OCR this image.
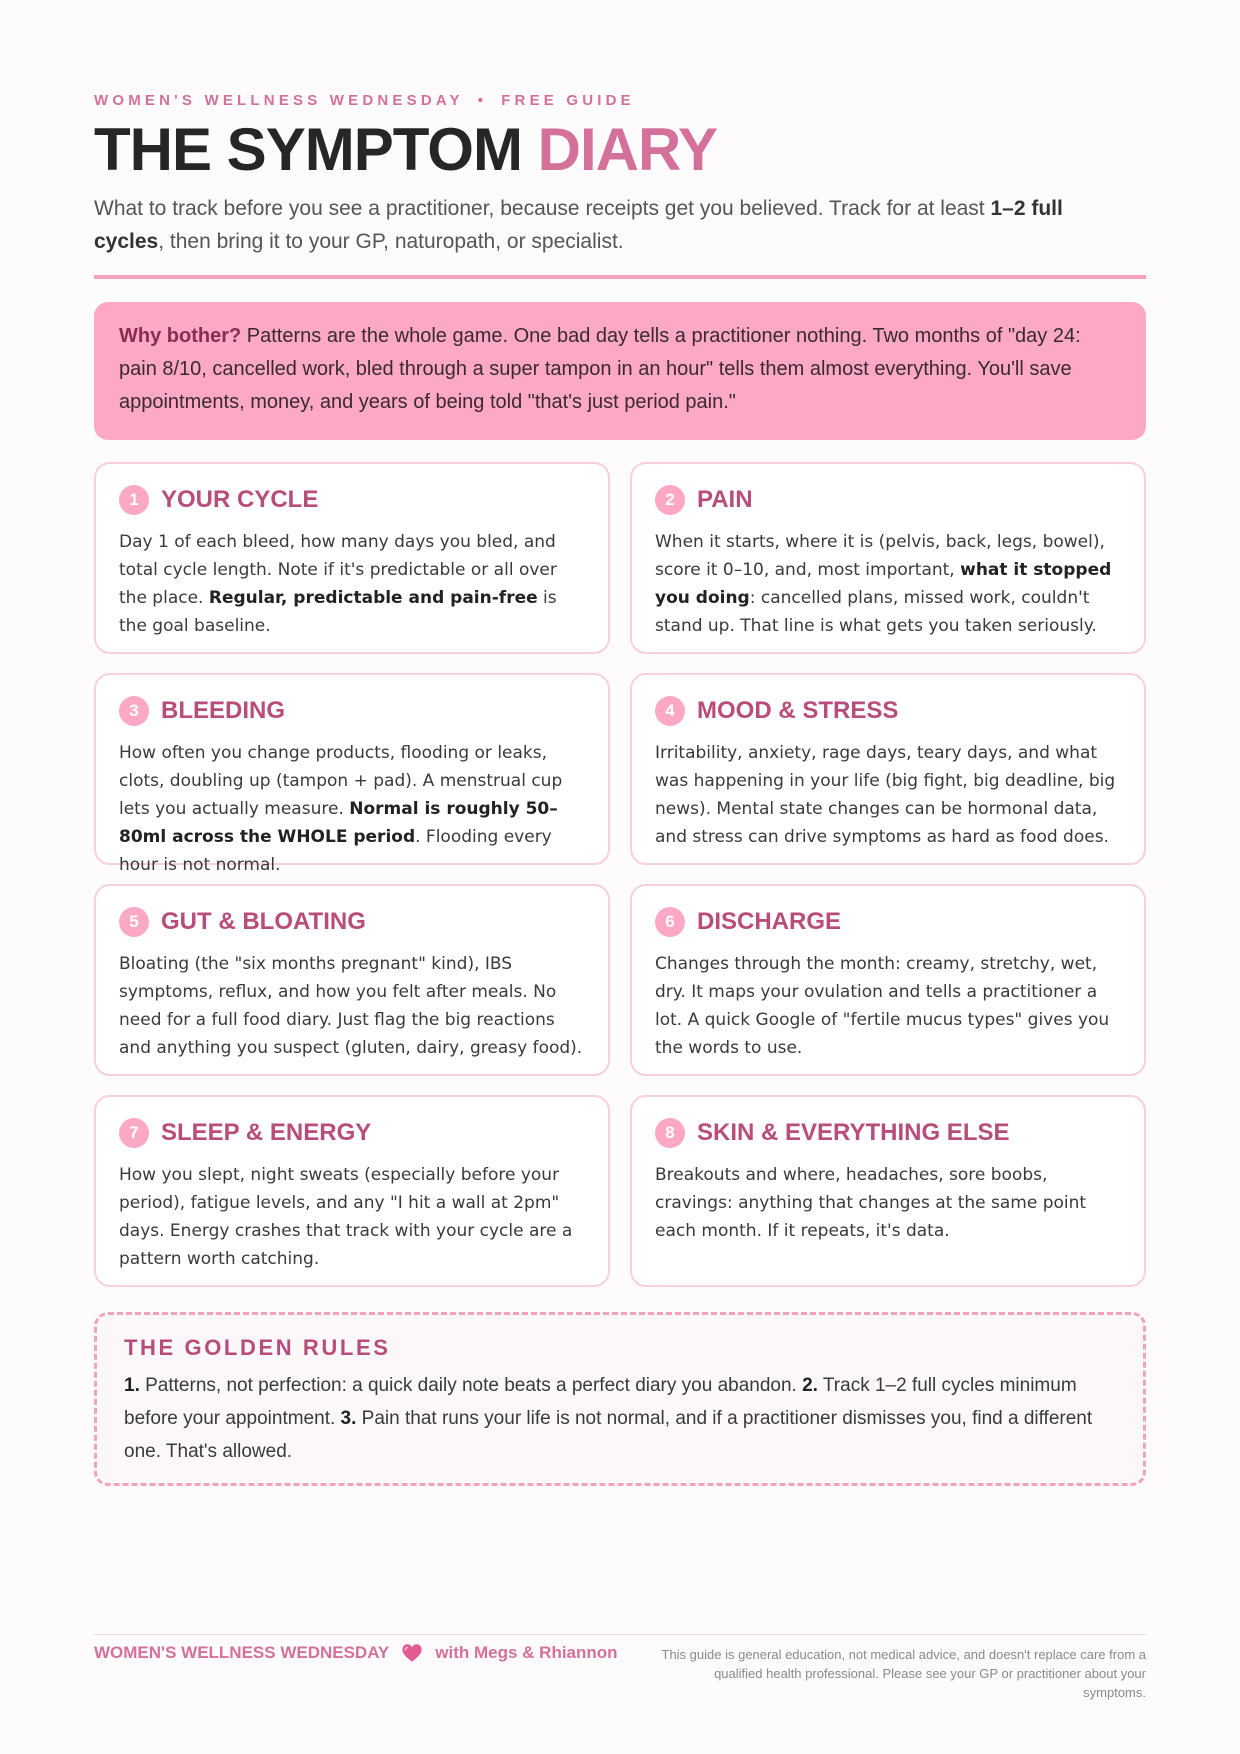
WOMEN'S WELLNESS WEDNESDAY • FREE GUIDE
THE SYMPTOM DIARY

What to track before you see a practitioner, because receipts get you believed. Track for at least 1–2 full cycles, then bring it to your GP, naturopath, or specialist.

Why bother? Patterns are the whole game. One bad day tells a practitioner nothing. Two months of "day 24: pain 8/10, cancelled work, bled through a super tampon in an hour" tells them almost everything. You'll save appointments, money, and years of being told "that's just period pain."
1 YOUR CYCLE
Day 1 of each bleed, how many days you bled, and total cycle length. Note if it's predictable or all over the place. Regular, predictable and pain-free is the goal baseline.
2 PAIN
When it starts, where it is (pelvis, back, legs, bowel), score it 0–10, and, most important, what it stopped you doing: cancelled plans, missed work, couldn't stand up. That line is what gets you taken seriously.
3 BLEEDING
How often you change products, flooding or leaks, clots, doubling up (tampon + pad). A menstrual cup lets you actually measure. Normal is roughly 50–80ml across the WHOLE period. Flooding every hour is not normal.
4 MOOD & STRESS
Irritability, anxiety, rage days, teary days, and what was happening in your life (big fight, big deadline, big news). Mental state changes can be hormonal data, and stress can drive symptoms as hard as food does.
5 GUT & BLOATING
Bloating (the "six months pregnant" kind), IBS symptoms, reflux, and how you felt after meals. No need for a full food diary. Just flag the big reactions and anything you suspect (gluten, dairy, greasy food).
6 DISCHARGE
Changes through the month: creamy, stretchy, wet, dry. It maps your ovulation and tells a practitioner a lot. A quick Google of "fertile mucus types" gives you the words to use.
7 SLEEP & ENERGY
How you slept, night sweats (especially before your period), fatigue levels, and any "I hit a wall at 2pm" days. Energy crashes that track with your cycle are a pattern worth catching.
8 SKIN & EVERYTHING ELSE
Breakouts and where, headaches, sore boobs, cravings: anything that changes at the same point each month. If it repeats, it's data.
THE GOLDEN RULES
1. Patterns, not perfection: a quick daily note beats a perfect diary you abandon. 2. Track 1–2 full cycles minimum before your appointment. 3. Pain that runs your life is not normal, and if a practitioner dismisses you, find a different one. That's allowed.
WOMEN'S WELLNESS WEDNESDAY	with Megs & Rhiannon	This guide is general education, not medical advice, and doesn't replace care from a qualified health professional. Please see your GP or practitioner about your symptoms.
